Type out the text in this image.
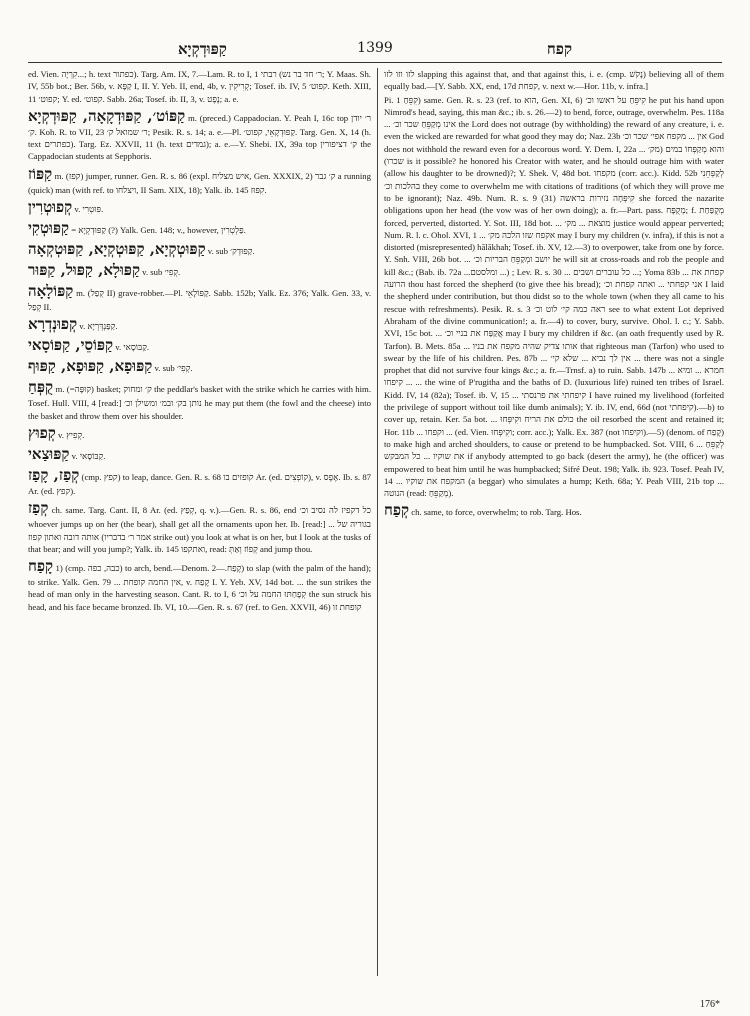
קַפּוּדְקְיָא	1399	קפח

ed. Vien. קִרְיָה...; h. text כפתור). Targ. Am. IX, 7.—Lam. R. to I, 1 ר׳ חד בר נש) רבתי; Y. Maas. Sh. IV, 55b bot.; Ber. 56b, v. קַפָּא I, II. Y. Yeb. II, end, 4b, v. קְרִיקִין; Tosef. ib. IV, 5 קפוט׳. Keth. XIII, 11 קפוט׳; Y. ed. קפוט׳. Sabb. 26a; Tosef. ib. II, 3, v. נֶפֶט; a. e.

קַפּוֹט׳, קַפּוּדְקָאָה, קַפּוּדְקְיָא m. (preced.) Cappadocian. Y. Peah I, 16c top ר׳ יודן ק׳. Koh. R. to VII, 23 ר׳ שמואל ק׳; Pesik. R. s. 14; a. e.—Pl. קַפּוּדְקָאֵי, קפוט׳. Targ. Gen. X, 14 (h. text כפתרים). Targ. Ez. XXVII, 11 (h. text גמדים); a. e.—Y. Shebi. IX, 39a top ק׳ דציפורין the Cappadocian students at Sepphoris.

קַפּוֹז m. (קפז) jumper, runner. Gen. R. s. 86 (expl. איש מצליח, Gen. XXXIX, 2) ק׳ גבר a running (quick) man (with ref. to ויצלחו, II Sam. XIX, 18); Yalk. ib. 145 קִפּוּז.

קְפוּטְרִין v. פּוּטְרִי.

קַפּוּטְקִי = קַפּוּדְקְיָא (?) Yalk. Gen. 148; v., however, פַּלְטְרִין.

קַפּוּטְקְיָא, קַפּוּטְקְיָא, קַפּוּטְקְאָה v. sub קַפּוּדְק׳.

קַפּוּלָא, קַפּוּל, קַפּוּר v. sub קְפִי׳.

קַפּוֹלָאָה m. (קְפַל II) grave-robber.—Pl. קַפּוֹלָאֵי. Sabb. 152b; Yalk. Ez. 376; Yalk. Gen. 33, v. קְפַל II.

קְפוּנְדְרָא v. קַפַּנְדְּרְיָא.

קַפּוֹסֵי, קַפּוֹסָאי v. קַבּוֹסָאי.

קַפּוּפָא, קַפּוּפָא, קַפּוּף v. sub קְפִי׳.

קֻפְּחַ m. (=קוּפָּה) basket; ק׳ ומחוק the peddlar's basket with the strike which he carries with him. Tosef. Hull. VIII, 4 [read:] נותן בק׳ ובמ׳ ומשילן וכ׳ he may put them (the fowl and the cheese) into the basket and throw them over his shoulder.

קְפוּץ v. קְפִיץ.

קַפּוּצַאי v. קַבּוֹסָאי.

קְפַז, קָפַז (cmp. קפץ) to leap, dance. Gen. R. s. 68 קופזים בו Ar. (ed. קוֹפְצִים), v. אֶפֶס. Ib. s. 87 Ar. (ed. קפץ).

קְפַז ch. same. Targ. Cant. II, 8 Ar. (ed. קְפַץ, q. v.).—Gen. R. s. 86, end כל דקפיז לה נסיב וכ׳ whoever jumps up on her (the bear), shall get all the ornaments upon her. Ib. [read:] ... בגוריה של אותה דובה ואתון קפוז (אמר ר׳ בדבריו strike out) you look at what is on her, but I look at the tusks of that bear; and will you jump?; Yalk. ib. 145 ואתקפו, read: קְפוֹז וְאַתְּ and jump thou.

קָפַח 1) (cmp. כבה, כפה) to arch, bend.—Denom. קֶפַח.—2) to slap (with the palm of the hand); to strike. Yalk. Gen. 79 ... אין החמה קופחת, v. קֶפַח I. Y. Yeb. XV, 14d bot. ... the sun strikes the head of man only in the harvesting season. Cant. R. to I, 6 קְפָחַתּוּ החמה על וכ׳ the sun struck his head, and his face became bronzed. Ib. VI, 10.—Gen. R. s. 67 (ref. to Gen. XXVII, 46) קופחת זו

לזו וזו לזו slapping this against that, and that against this, i. e. (cmp. נָקֹשׁ) believing all of them equally bad.—[Y. Sabb. XX, end, 17d קפחת, v. next w.—Hor. 11b, v. infra.]

Pi. קִפֵּחַ 1) same. Gen. R. s. 23 (ref. to הוא, Gen. XI, 6) קִיפֵּחַ על ראשו וכ׳ he put his hand upon Nimrod's head, saying, this man &c.; ib. s. 26.—2) to bend, force, outrage, overwhelm. Pes. 118a ... אינו מְקַפֵּחַ שכר וכ׳ the Lord does not outrage (by withholding) the reward of any creature, i. e. even the wicked are rewarded for what good they may do; Naz. 23b אין ... מקפח אפי׳ שכר וכ׳ God does not withhold the reward even for a decorous word. Y. Dem. I, 22a ... והוא מְקַפְּחוֹ במים (מק׳ שכרו) is it possible? he honored his Creator with water, and he should outrage him with water (allow his daughter to be drowned)?; Y. Shek. V, 48d bot. מקפחו (corr. acc.). Kidd. 52b לְקַפְּחֵנִי בהלכות וכ׳ they come to overwhelm me with citations of traditions (of which they will prove me to be ignorant); Naz. 49b. Num. R. s. 9 (31) קִיפְּחָה נזירות בראשה she forced the nazarite obligations upon her head (the vow was of her own doing); a. fr.—Part. pass. מְקֻפָּח; f. מְקֻפַּחַת forced, perverted, distorted. Y. Sot. III, 18d bot. ... מוצאת ... מק׳ justice would appear perverted; Num. R. l. c. Ohol. XVI, 1 ... אקפח שזו הלכה מק׳ may I bury my children (v. infra), if this is not a distorted (misrepresented) hălākhah; Tosef. ib. XV, 12.—3) to overpower, take from one by force. Y. Snh. VIII, 26b bot. ... יושב ומְקַפֵּחַ הבריות וכ׳ he will sit at cross-roads and rob the people and kill &c.; (Bab. ib. 72a ...ומלסטם ...) ; Lev. R. s. 30 ... כל עוברים ושבים ...; Yoma 83b ... קפחת את הרועה thou hast forced the shepherd (to give thee his bread); אני קפחתי ... ואתה קפחת וכ׳ I laid the shepherd under contribution, but thou didst so to the whole town (when they all came to his rescue with refreshments). Pesik. R. s. 3 ראה כמה קי׳ לוט וכ׳ see to what extent Lot deprived Abraham of the divine communication!; a. fr.—4) to cover, bury, survive. Ohol. l. c.; Y. Sabb. XVI, 15c bot. ... אֲקַפַּח את בניי וכ׳ may I bury my children if &c. (an oath frequently used by R. Tarfon). B. Mets. 85a ... אותו צדיק שהיה מקפח את בניו that righteous man (Tarfon) who used to swear by the life of his children. Pes. 87b ... אין לך נביא ... שלא קי׳ ... there was not a single prophet that did not survive four kings &c.; a. fr.—Trnsf. a) to ruin. Sabb. 147b ... חמרא ... ומיא ... קיפחו ... the wine of P'rugitha and the baths of D. (luxurious life) ruined ten tribes of Israel. Kidd. IV, 14 (82a); Tosef. ib. V, 15 ... קיפחתי את פרנסתי I have ruined my livelihood (forfeited the privilege of support without toil like dumb animals); Y. ib. IV, end, 66d (not קיפחתי).—b) to cover up, retain. Ker. 5a bot. ... כולם את הריח וקִיפְּחוּ the oil resorbed the scent and retained it; Hor. 11b ... וקפחו ... (ed. Vien. וקִיפְּחוּ; corr. acc.); Yalk. Ex. 387 (not וקיפחו).—5) (denom. of קֶפַח) to make high and arched shoulders, to cause or pretend to be humpbacked. Sot. VIII, 6 ... לְקַפֵּחַ את שוקיו ... כל המבקש if anybody attempted to go back (desert the army), he (the officer) was empowered to beat him until he was humpbacked; Sifré Deut. 198; Yalk. ib. 923. Tosef. Peah IV, 14 ... המקפח את שוקיו (a beggar) who simulates a hump; Keth. 68a; Y. Peah VIII, 21b top ... הנוטה (read: מְקַפֵּחַ).

קְפַח ch. same, to force, overwhelm; to rob. Targ. Hos.

176*
